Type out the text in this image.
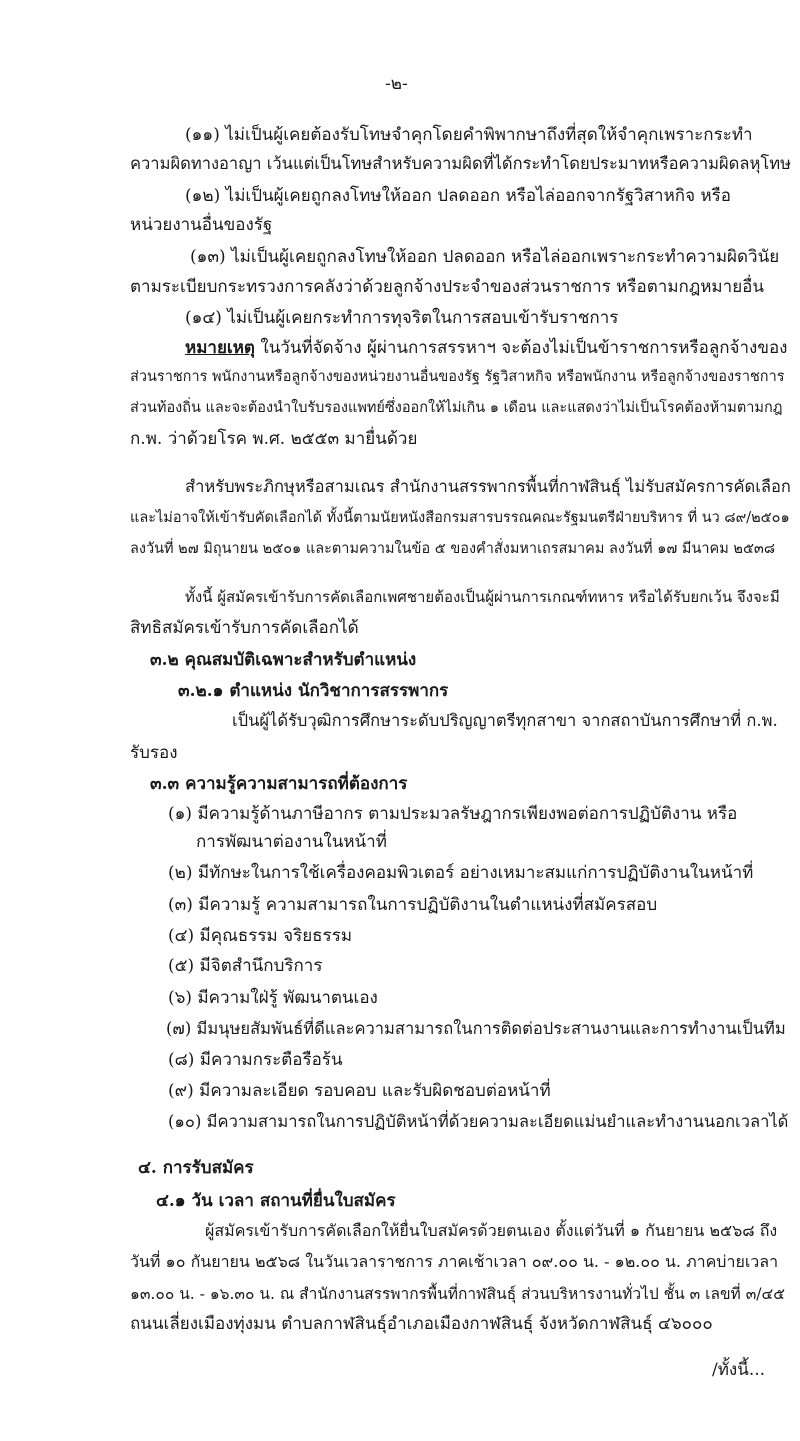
-๒-

(๑๑) ไม่เป็นผู้เคยต้องรับโทษจำคุกโดยคำพิพากษาถึงที่สุดให้จำคุกเพราะกระทำ

ความผิดทางอาญา เว้นแต่เป็นโทษสำหรับความผิดที่ได้กระทำโดยประมาทหรือความผิดลหุโทษ

(๑๒) ไม่เป็นผู้เคยถูกลงโทษให้ออก ปลดออก หรือไล่ออกจากรัฐวิสาหกิจ หรือ

หน่วยงานอื่นของรัฐ

(๑๓) ไม่เป็นผู้เคยถูกลงโทษให้ออก ปลดออก หรือไล่ออกเพราะกระทำความผิดวินัย

ตามระเบียบกระทรวงการคลังว่าด้วยลูกจ้างประจำของส่วนราชการ หรือตามกฎหมายอื่น

(๑๔) ไม่เป็นผู้เคยกระทำการทุจริตในการสอบเข้ารับราชการ

หมายเหตุ ในวันที่จัดจ้าง ผู้ผ่านการสรรหาฯ จะต้องไม่เป็นข้าราชการหรือลูกจ้างของ

ส่วนราชการ พนักงานหรือลูกจ้างของหน่วยงานอื่นของรัฐ รัฐวิสาหกิจ หรือพนักงาน หรือลูกจ้างของราชการ

ส่วนท้องถิ่น และจะต้องนำใบรับรองแพทย์ซึ่งออกให้ไม่เกิน ๑ เดือน และแสดงว่าไม่เป็นโรคต้องห้ามตามกฎ

ก.พ. ว่าด้วยโรค พ.ศ. ๒๕๕๓ มายื่นด้วย

สำหรับพระภิกษุหรือสามเณร สำนักงานสรรพากรพื้นที่กาฬสินธุ์ ไม่รับสมัครการคัดเลือก

และไม่อาจให้เข้ารับคัดเลือกได้ ทั้งนี้ตามนัยหนังสือกรมสารบรรณคณะรัฐมนตรีฝ่ายบริหาร ที่ นว ๘๙/๒๕๐๑

ลงวันที่ ๒๗ มิถุนายน ๒๕๐๑ และตามความในข้อ ๕ ของคำสั่งมหาเถรสมาคม ลงวันที่ ๑๗ มีนาคม ๒๕๓๘

ทั้งนี้ ผู้สมัครเข้ารับการคัดเลือกเพศชายต้องเป็นผู้ผ่านการเกณฑ์ทหาร หรือได้รับยกเว้น จึงจะมี

สิทธิสมัครเข้ารับการคัดเลือกได้

๓.๒ คุณสมบัติเฉพาะสำหรับตำแหน่ง

๓.๒.๑ ตำแหน่ง นักวิชาการสรรพากร

เป็นผู้ได้รับวุฒิการศึกษาระดับปริญญาตรีทุกสาขา จากสถาบันการศึกษาที่ ก.พ.

รับรอง

๓.๓ ความรู้ความสามารถที่ต้องการ

(๑) มีความรู้ด้านภาษีอากร ตามประมวลรัษฎากรเพียงพอต่อการปฏิบัติงาน หรือ

การพัฒนาต่องานในหน้าที่

(๒) มีทักษะในการใช้เครื่องคอมพิวเตอร์ อย่างเหมาะสมแก่การปฏิบัติงานในหน้าที่

(๓) มีความรู้ ความสามารถในการปฏิบัติงานในตำแหน่งที่สมัครสอบ

(๔) มีคุณธรรม จริยธรรม

(๕) มีจิตสำนึกบริการ

(๖) มีความใฝ่รู้ พัฒนาตนเอง

(๗) มีมนุษยสัมพันธ์ที่ดีและความสามารถในการติดต่อประสานงานและการทำงานเป็นทีม

(๘) มีความกระตือรือร้น

(๙) มีความละเอียด รอบคอบ และรับผิดชอบต่อหน้าที่

(๑๐) มีความสามารถในการปฏิบัติหน้าที่ด้วยความละเอียดแม่นยำและทำงานนอกเวลาได้

๔. การรับสมัคร

๔.๑ วัน เวลา สถานที่ยื่นใบสมัคร

ผู้สมัครเข้ารับการคัดเลือกให้ยื่นใบสมัครด้วยตนเอง ตั้งแต่วันที่ ๑ กันยายน ๒๕๖๘ ถึง

วันที่ ๑๐ กันยายน ๒๕๖๘ ในวันเวลาราชการ ภาคเช้าเวลา ๐๙.๐๐ น. - ๑๒.๐๐ น. ภาคบ่ายเวลา

๑๓.๐๐ น. - ๑๖.๓๐ น. ณ สำนักงานสรรพากรพื้นที่กาฬสินธุ์ ส่วนบริหารงานทั่วไป ชั้น ๓ เลขที่ ๓/๔๕

ถนนเลี่ยงเมืองทุ่งมน ตำบลกาฬสินธุ์อำเภอเมืองกาฬสินธุ์ จังหวัดกาฬสินธุ์ ๔๖๐๐๐

/ทั้งนี้...
